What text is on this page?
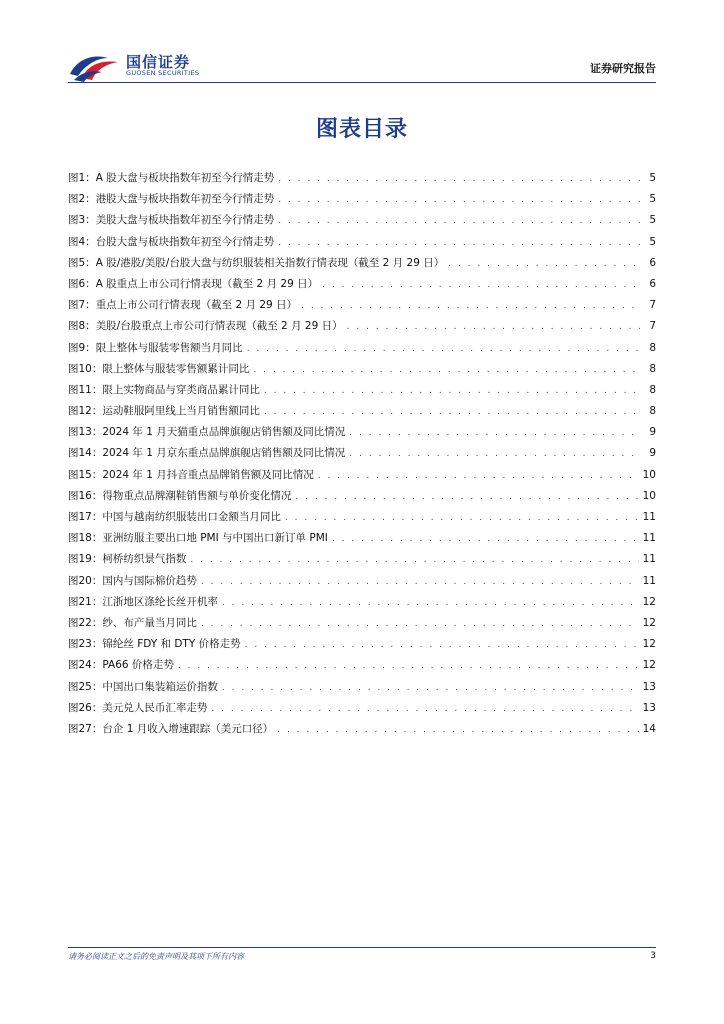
国信证券
GUOSEN SECURITIES	证券研究报告
图表目录
图1： A 股大盘与板块指数年初至今行情走势 . . .	5
图2： 港股大盘与板块指数年初至今行情走势 . . .	5
图3： 美股大盘与板块指数年初至今行情走势 . . .	5
图4： 台股大盘与板块指数年初至今行情走势 . . .	5
图5： A 股/港股/美股/台股大盘与纺织服装相关指数行情表现（截至 2 月 29 日） . . .	6
图6： A 股重点上市公司行情表现（截至 2 月 29 日） . . .	6
图7： 重点上市公司行情表现（截至 2 月 29 日） . . .	7
图8： 美股/台股重点上市公司行情表现（截至 2 月 29 日） . . .	7
图9： 限上整体与服装零售额当月同比 . . .	8
图10： 限上整体与服装零售额累计同比 . . .	8
图11： 限上实物商品与穿类商品累计同比 . . .	8
图12： 运动鞋服阿里线上当月销售额同比 . . .	8
图13： 2024 年 1 月天猫重点品牌旗舰店销售额及同比情况 . . .	9
图14： 2024 年 1 月京东重点品牌旗舰店销售额及同比情况 . . .	9
图15： 2024 年 1 月抖音重点品牌销售额及同比情况 . . .	10
图16： 得物重点品牌潮鞋销售额与单价变化情况 . . .	10
图17： 中国与越南纺织服装出口金额当月同比 . . .	11
图18： 亚洲纺服主要出口地 PMI 与中国出口新订单 PMI . . .	11
图19： 柯桥纺织景气指数 . . .	11
图20： 国内与国际棉价趋势 . . .	11
图21： 江浙地区涤纶长丝开机率 . . .	12
图22： 纱、布产量当月同比 . . .	12
图23： 锦纶丝 FDY 和 DTY 价格走势 . . .	12
图24： PA66 价格走势 . . .	12
图25： 中国出口集装箱运价指数 . . .	13
图26： 美元兑人民币汇率走势 . . .	13
图27： 台企 1 月收入增速跟踪（美元口径） . . .	14
请务必阅读正文之后的免责声明及其项下所有内容	3
